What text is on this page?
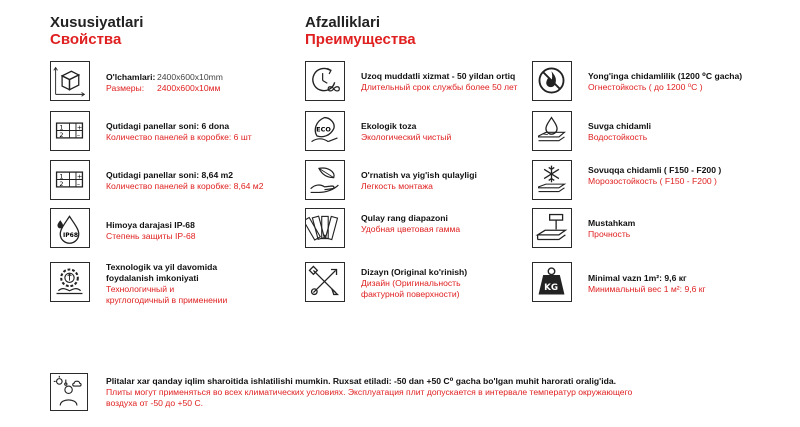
Xususiyatlari
Свойства
Afzalliklari
Преимущества
O'lchamlari: 2400x600x10mm
Размеры:	2400x600x10мм
1
2
+
–
Qutidagi panellar soni: 6 dona
Количество панелей в коробке: 6 шт
1
2
+
–
Qutidagi panellar soni: 8,64 m2
Количество панелей в коробке: 8,64 м2
IP68
Himoya darajasi IP-68
Степень защиты IP-68
Texnologik va yil davomida
foydalanish imkoniyati
Технологичный и
круглогодичный в применении
Uzoq muddatli xizmat - 50 yildan ortiq
Длительный срок службы более 50 лет
ECO	Ekologik toza
Экологический чистый
O'rnatish va yig'ish qulayligi
Легкость монтажа
Qulay rang diapazoni
Удобная цветовая гамма
Dizayn (Original ko'rinish)
Дизайн (Оригинальность
фактурной поверхности)
Yong'inga chidamlilik (1200 ⁰C gacha)
Огнестойкость ( до 1200 ⁰С )
Suvga chidamli
Водостойкость
Sovuqqa chidamli ( F150 - F200 )
Морозостойкость ( F150 - F200 )
Mustahkam
Прочность
KG
Minimal vazn 1m²: 9,6 кг
Минимальный вес 1 м²: 9,6 кг
Plitalar xar qanday iqlim sharoitida ishlatilishi mumkin. Ruxsat etiladi: -50 dan +50 C⁰ gacha bo'lgan muhit harorati oralig'ida.
Плиты могут применяться во всех климатических условиях. Эксплуатация плит допускается в интервале температур окружающего
воздуха от -50 до +50 С.
